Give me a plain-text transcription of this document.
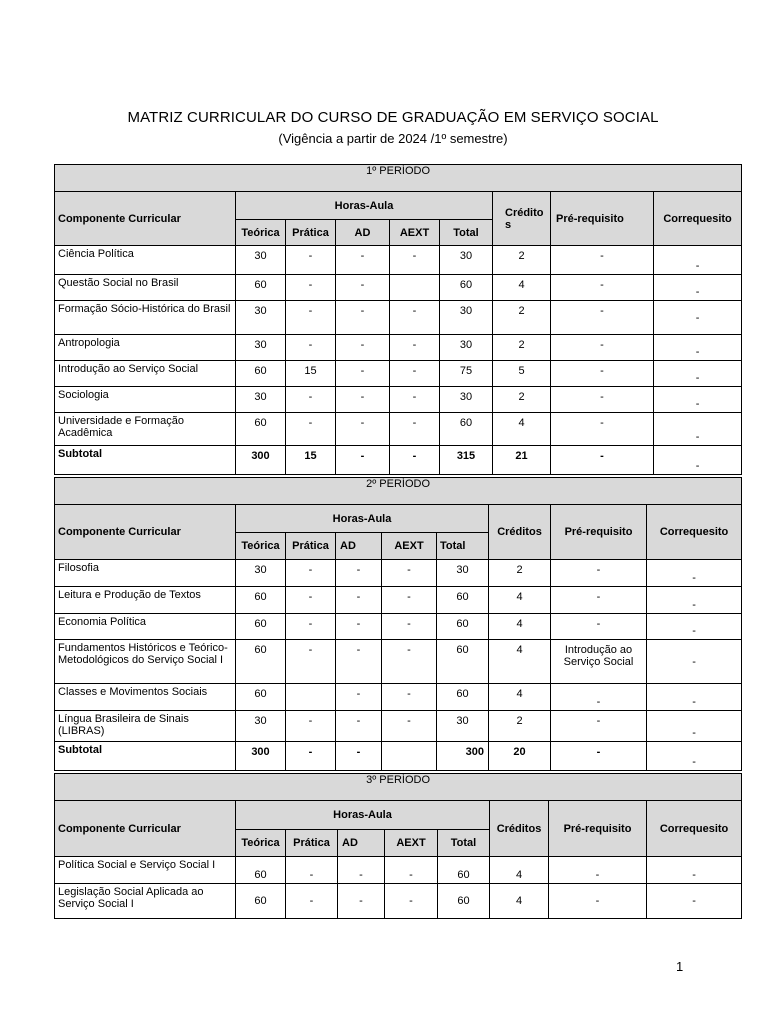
MATRIZ CURRICULAR DO CURSO DE GRADUAÇÃO EM SERVIÇO SOCIAL
(Vigência a partir de 2024 /1º semestre)
1º PERÍODO								
Componente Curricular	Horas-Aula					Crédito s	Pré-requisito	Correquesito
	Teórica	Prática	AD	AEXT	Total			
Ciência Política	30	-	-	-	30	2	-	-
Questão Social no Brasil	60	-	-		60	4	-	-
Formação Sócio-Histórica do Brasil	30	-	-	-	30	2	-	-
Antropologia	30	-	-	-	30	2	-	-
Introdução ao Serviço Social	60	15	-	-	75	5	-	-
Sociologia	30	-	-	-	30	2	-	-
Universidade e Formação Acadêmica	60	-	-	-	60	4	-	-
Subtotal	300	15	-	-	315	21	-	-
2º PERÍODO								
Componente Curricular	Horas-Aula					Créditos	Pré-requisito	Correquesito
	Teórica	Prática	AD	AEXT	Total			
Filosofia	30	-	-	-	30	2	-	-
Leitura e Produção de Textos	60	-	-	-	60	4	-	-
Economia Política	60	-	-	-	60	4	-	-
Fundamentos Históricos e Teórico-Metodológicos do Serviço Social I	60	-	-	-	60	4	Introdução ao Serviço Social	-
Classes e Movimentos Sociais	60		-	-	60	4	-	-
Língua Brasileira de Sinais (LIBRAS)	30	-	-	-	30	2	-	-
Subtotal	300	-	-		300	20	-	-
3º PERÍODO								
Componente Curricular	Horas-Aula					Créditos	Pré-requisito	Correquesito
	Teórica	Prática	AD	AEXT	Total			
Política Social e Serviço Social I	60	-	-	-	60	4	-	-
Legislação Social Aplicada ao Serviço Social I	60	-	-	-	60	4	-	-
1
